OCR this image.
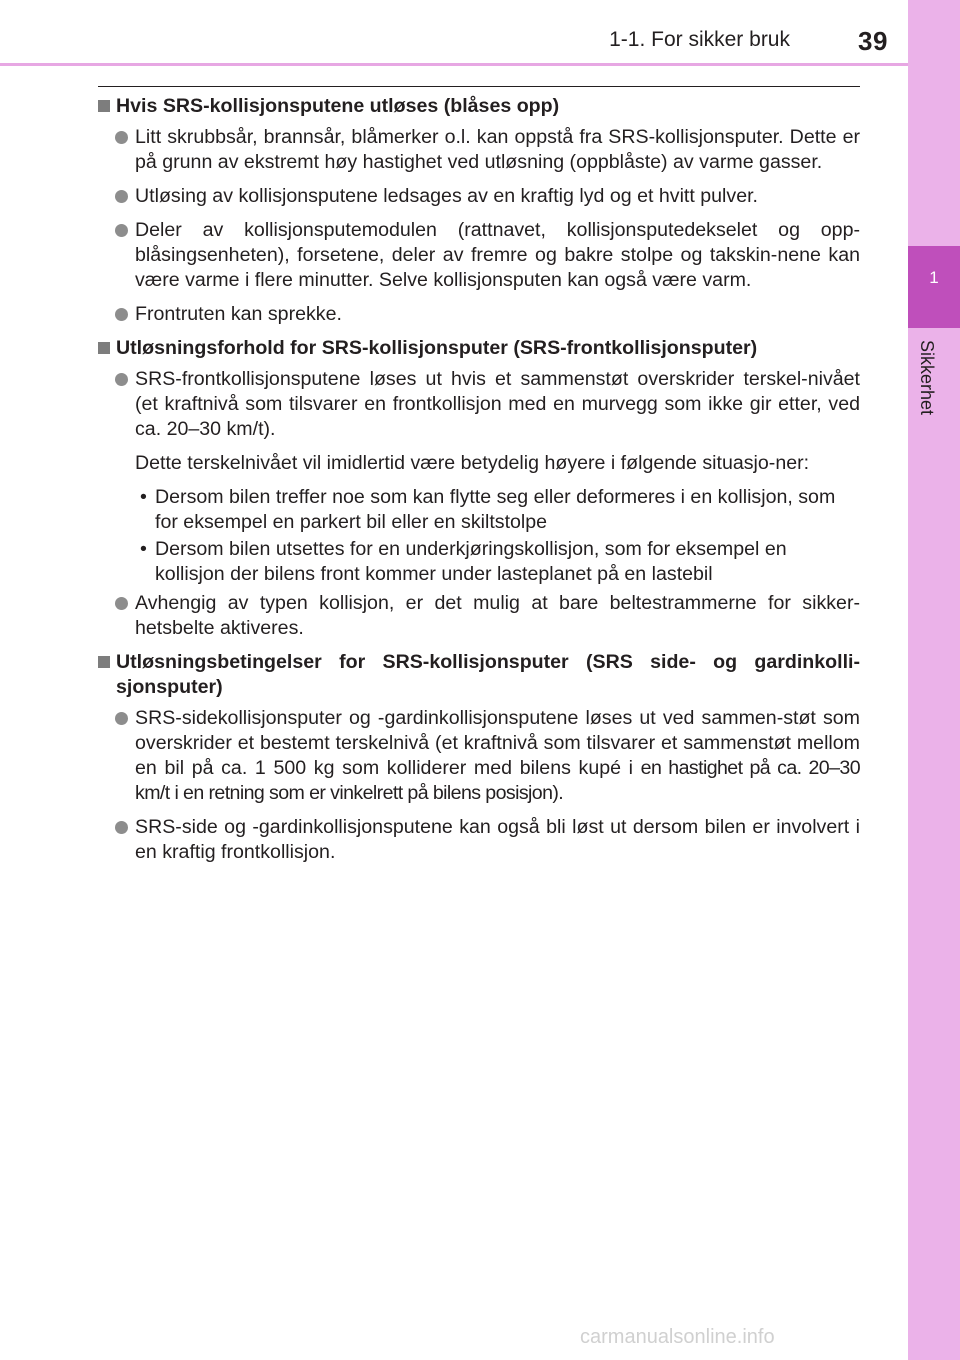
1-1. For sikker bruk	39
1
Sikkerhet
Hvis SRS-kollisjonsputene utløses (blåses opp)
Litt skrubbsår, brannsår, blåmerker o.l. kan oppstå fra SRS-kollisjonsputer. Dette er på grunn av ekstremt høy hastighet ved utløsning (oppblåste) av varme gasser.
Utløsing av kollisjonsputene ledsages av en kraftig lyd og et hvitt pulver.
Deler av kollisjonsputemodulen (rattnavet, kollisjonsputedekselet og opp-blåsingsenheten), forsetene, deler av fremre og bakre stolpe og takskin-nene kan være varme i flere minutter. Selve kollisjonsputen kan også være varm.
Frontruten kan sprekke.
Utløsningsforhold for SRS-kollisjonsputer (SRS-frontkollisjonsputer)
SRS-frontkollisjonsputene løses ut hvis et sammenstøt overskrider terskel-nivået (et kraftnivå som tilsvarer en frontkollisjon med en murvegg som ikke gir etter, ved ca. 20–30 km/t).
Dette terskelnivået vil imidlertid være betydelig høyere i følgende situasjo-ner:
• Dersom bilen treffer noe som kan flytte seg eller deformeres i en kollisjon, som for eksempel en parkert bil eller en skiltstolpe
• Dersom bilen utsettes for en underkjøringskollisjon, som for eksempel en kollisjon der bilens front kommer under lasteplanet på en lastebil
Avhengig av typen kollisjon, er det mulig at bare beltestrammerne for sikker-hetsbelte aktiveres.
Utløsningsbetingelser for SRS-kollisjonsputer (SRS side- og gardinkolli-sjonsputer)
SRS-sidekollisjonsputer og -gardinkollisjonsputene løses ut ved sammen-støt som overskrider et bestemt terskelnivå (et kraftnivå som tilsvarer et sammenstøt mellom en bil på ca. 1 500 kg som kolliderer med bilens kupé i en hastighet på ca. 20–30 km/t i en retning som er vinkelrett på bilens posisjon).
SRS-side og -gardinkollisjonsputene kan også bli løst ut dersom bilen er involvert i en kraftig frontkollisjon.
carmanualsonline.info
